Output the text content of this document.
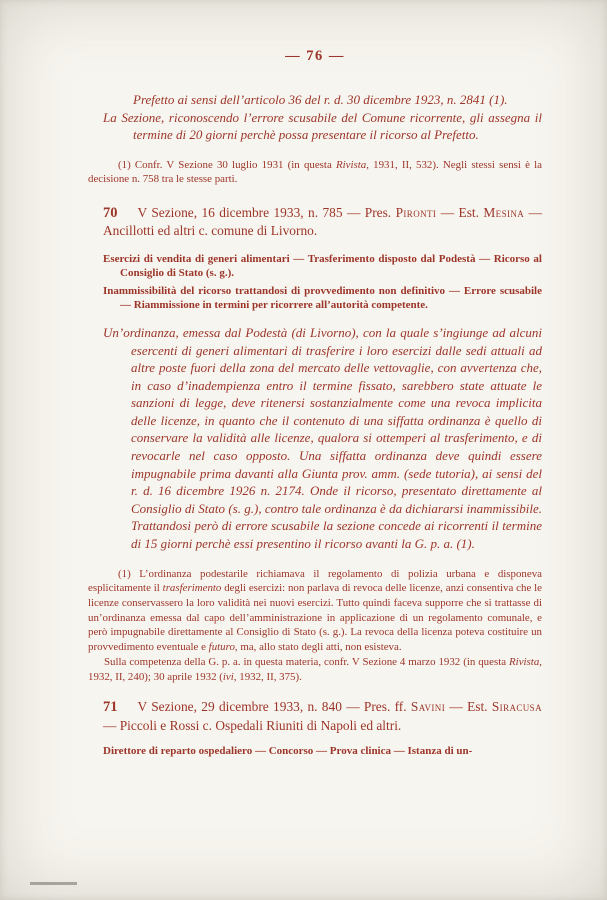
— 76 —

Prefetto ai sensi dell’articolo 36 del r. d. 30 dicembre 1923, n. 2841 (1).

La Sezione, riconoscendo l’errore scusabile del Comune ricorrente, gli assegna il termine di 20 giorni perchè possa presentare il ricorso al Prefetto.

(1) Confr. V Sezione 30 luglio 1931 (in questa Rivista, 1931, II, 532). Negli stessi sensi è la decisione n. 758 tra le stesse parti.

70 V Sezione, 16 dicembre 1933, n. 785 — Pres. Pironti — Est. Mesina — Ancillotti ed altri c. comune di Livorno.

Esercizi di vendita di generi alimentari — Trasferimento disposto dal Podestà — Ricorso al Consiglio di Stato (s. g.).

Inammissibilità del ricorso trattandosi di provvedimento non definitivo — Errore scusabile — Riammissione in termini per ricorrere all’autorità competente.

Un’ordinanza, emessa dal Podestà (di Livorno), con la quale s’ingiunge ad alcuni esercenti di generi alimentari di trasferire i loro esercizi dalle sedi attuali ad altre poste fuori della zona del mercato delle vettovaglie, con avvertenza che, in caso d’inadempienza entro il termine fissato, sarebbero state attuate le sanzioni di legge, deve ritenersi sostanzialmente come una revoca implicita delle licenze, in quanto che il contenuto di una siffatta ordinanza è quello di conservare la validità alle licenze, qualora si ottemperi al trasferimento, e di revocarle nel caso opposto. Una siffatta ordinanza deve quindi essere impugnabile prima davanti alla Giunta prov. amm. (sede tutoria), ai sensi del r. d. 16 dicembre 1926 n. 2174. Onde il ricorso, presentato direttamente al Consiglio di Stato (s. g.), contro tale ordinanza è da dichiararsi inammissibile. Trattandosi però di errore scusabile la sezione concede ai ricorrenti il termine di 15 giorni perchè essi presentino il ricorso avanti la G. p. a. (1).

(1) L’ordinanza podestarile richiamava il regolamento di polizia urbana e disponeva esplicitamente il trasferimento degli esercizi: non parlava di revoca delle licenze, anzi consentiva che le licenze conservassero la loro validità nei nuovi esercizi. Tutto quindi faceva supporre che si trattasse di un’ordinanza emessa dal capo dell’amministrazione in applicazione di un regolamento comunale, e però impugnabile direttamente al Consiglio di Stato (s. g.). La revoca della licenza poteva costituire un provvedimento eventuale e futuro, ma, allo stato degli atti, non esisteva.

Sulla competenza della G. p. a. in questa materia, confr. V Sezione 4 marzo 1932 (in questa Rivista, 1932, II, 240); 30 aprile 1932 (ivi, 1932, II, 375).

71 V Sezione, 29 dicembre 1933, n. 840 — Pres. ff. Savini — Est. Siracusa — Piccoli e Rossi c. Ospedali Riuniti di Napoli ed altri.

Direttore di reparto ospedaliero — Concorso — Prova clinica — Istanza di un-
